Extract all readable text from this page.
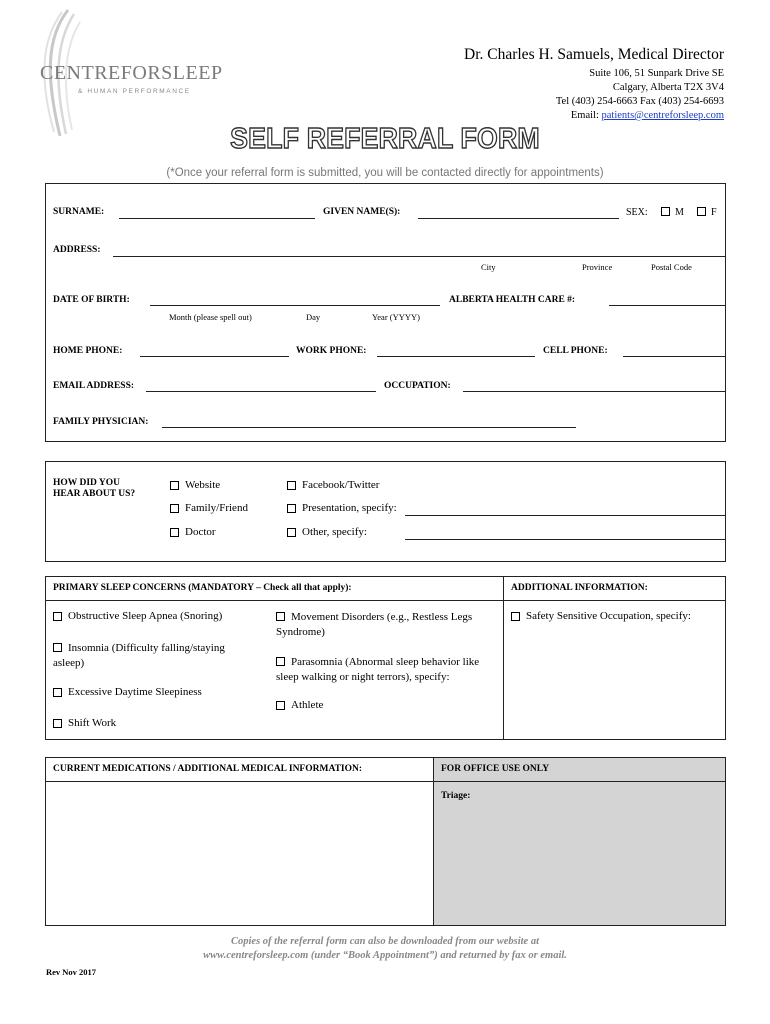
CENTREFORSLEEP
& HUMAN PERFORMANCE
Dr. Charles H. Samuels, Medical Director
Suite 106, 51 Sunpark Drive SE
Calgary, Alberta T2X 3V4
Tel (403) 254-6663 Fax (403) 254-6693
Email: patients@centreforsleep.com
SELF REFERRAL FORM
(*Once your referral form is submitted, you will be contacted directly for appointments)
SURNAME:	GIVEN NAME(S):	SEX:	M	F
ADDRESS:
City	Province	Postal Code
DATE OF BIRTH:
Month (please spell out)	Day	Year (YYYY)
ALBERTA HEALTH CARE #:
HOME PHONE:	WORK PHONE:	CELL PHONE:
EMAIL ADDRESS:	OCCUPATION:
FAMILY PHYSICIAN:
HOW DID YOU
HEAR ABOUT US?
Website	Facebook/Twitter
Family/Friend	Presentation, specify:
Doctor	Other, specify:
PRIMARY SLEEP CONCERNS (MANDATORY – Check all that apply):	ADDITIONAL INFORMATION:
Obstructive Sleep Apnea (Snoring)
Insomnia (Difficulty falling/staying asleep)
Excessive Daytime Sleepiness
Shift Work
Movement Disorders (e.g., Restless Legs Syndrome)
Parasomnia (Abnormal sleep behavior like sleep walking or night terrors), specify:
Athlete
Safety Sensitive Occupation, specify:
CURRENT MEDICATIONS / ADDITIONAL MEDICAL INFORMATION:	FOR OFFICE USE ONLY
Triage:
Copies of the referral form can also be downloaded from our website at
www.centreforsleep.com (under “Book Appointment”) and returned by fax or email.
Rev Nov 2017
